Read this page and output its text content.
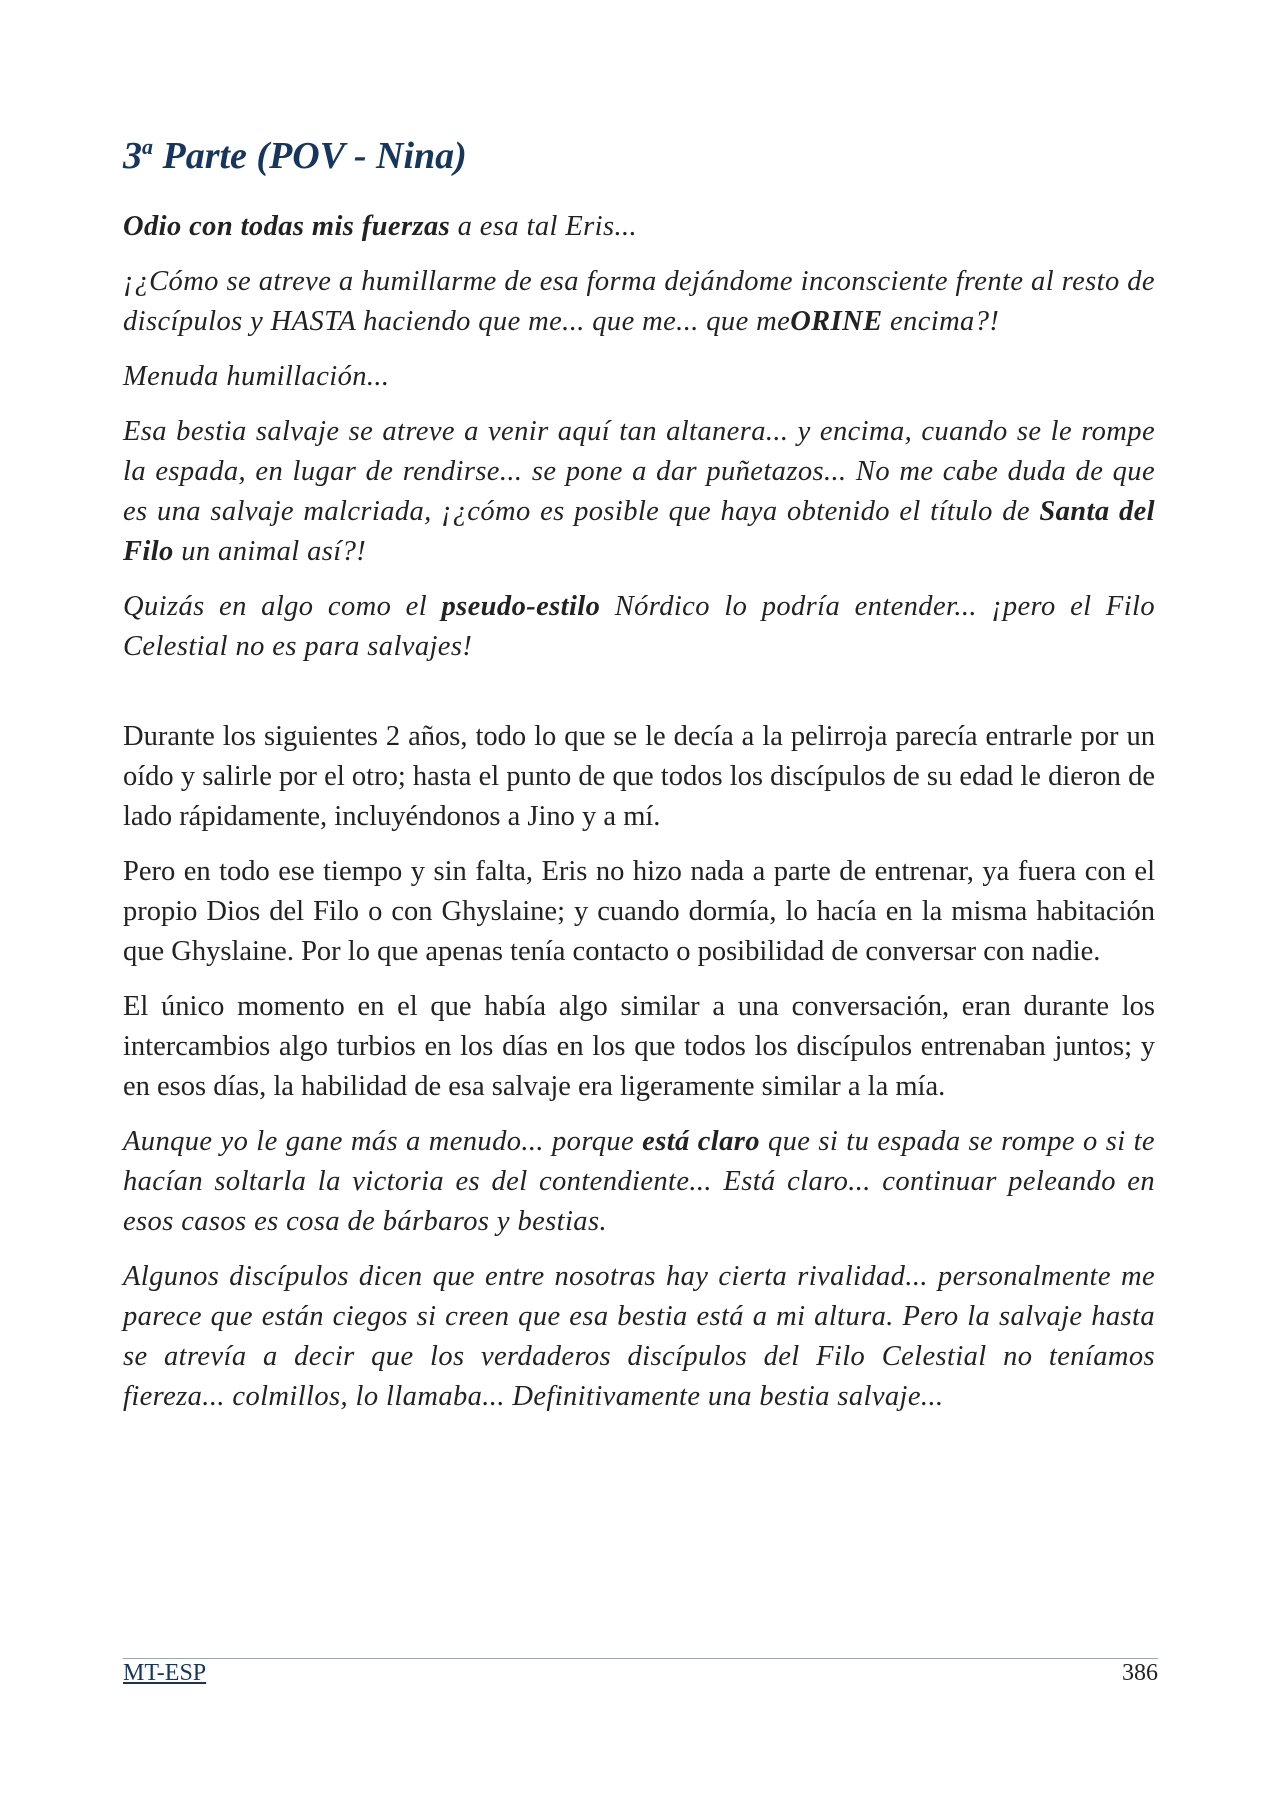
3$^a$ Parte (POV - Nina)

Odio con todas mis fuerzas a esa tal Eris...

¡¿Cómo se atreve a humillarme de esa forma dejándome inconsciente frente al resto de discípulos y HASTA haciendo que me... que me... que meORINE encima?!

Menuda humillación...

Esa bestia salvaje se atreve a venir aquí tan altanera... y encima, cuando se le rompe la espada, en lugar de rendirse... se pone a dar puñetazos... No me cabe duda de que es una salvaje malcriada, ¡¿cómo es posible que haya obtenido el título de Santa del Filo un animal así?!

Quizás en algo como el pseudo-estilo Nórdico lo podría entender... ¡pero el Filo Celestial no es para salvajes!

Durante los siguientes 2 años, todo lo que se le decía a la pelirroja parecía entrarle por un oído y salirle por el otro; hasta el punto de que todos los discípulos de su edad le dieron de lado rápidamente, incluyéndonos a Jino y a mí.

Pero en todo ese tiempo y sin falta, Eris no hizo nada a parte de entrenar, ya fuera con el propio Dios del Filo o con Ghyslaine; y cuando dormía, lo hacía en la misma habitación que Ghyslaine. Por lo que apenas tenía contacto o posibilidad de conversar con nadie.

El único momento en el que había algo similar a una conversación, eran durante los intercambios algo turbios en los días en los que todos los discípulos entrenaban juntos; y en esos días, la habilidad de esa salvaje era ligeramente similar a la mía.

Aunque yo le gane más a menudo... porque está claro que si tu espada se rompe o si te hacían soltarla la victoria es del contendiente... Está claro... continuar peleando en esos casos es cosa de bárbaros y bestias.

Algunos discípulos dicen que entre nosotras hay cierta rivalidad... personalmente me parece que están ciegos si creen que esa bestia está a mi altura. Pero la salvaje hasta se atrevía a decir que los verdaderos discípulos del Filo Celestial no teníamos fiereza... colmillos, lo llamaba... Definitivamente una bestia salvaje...

MT-ESP	386
